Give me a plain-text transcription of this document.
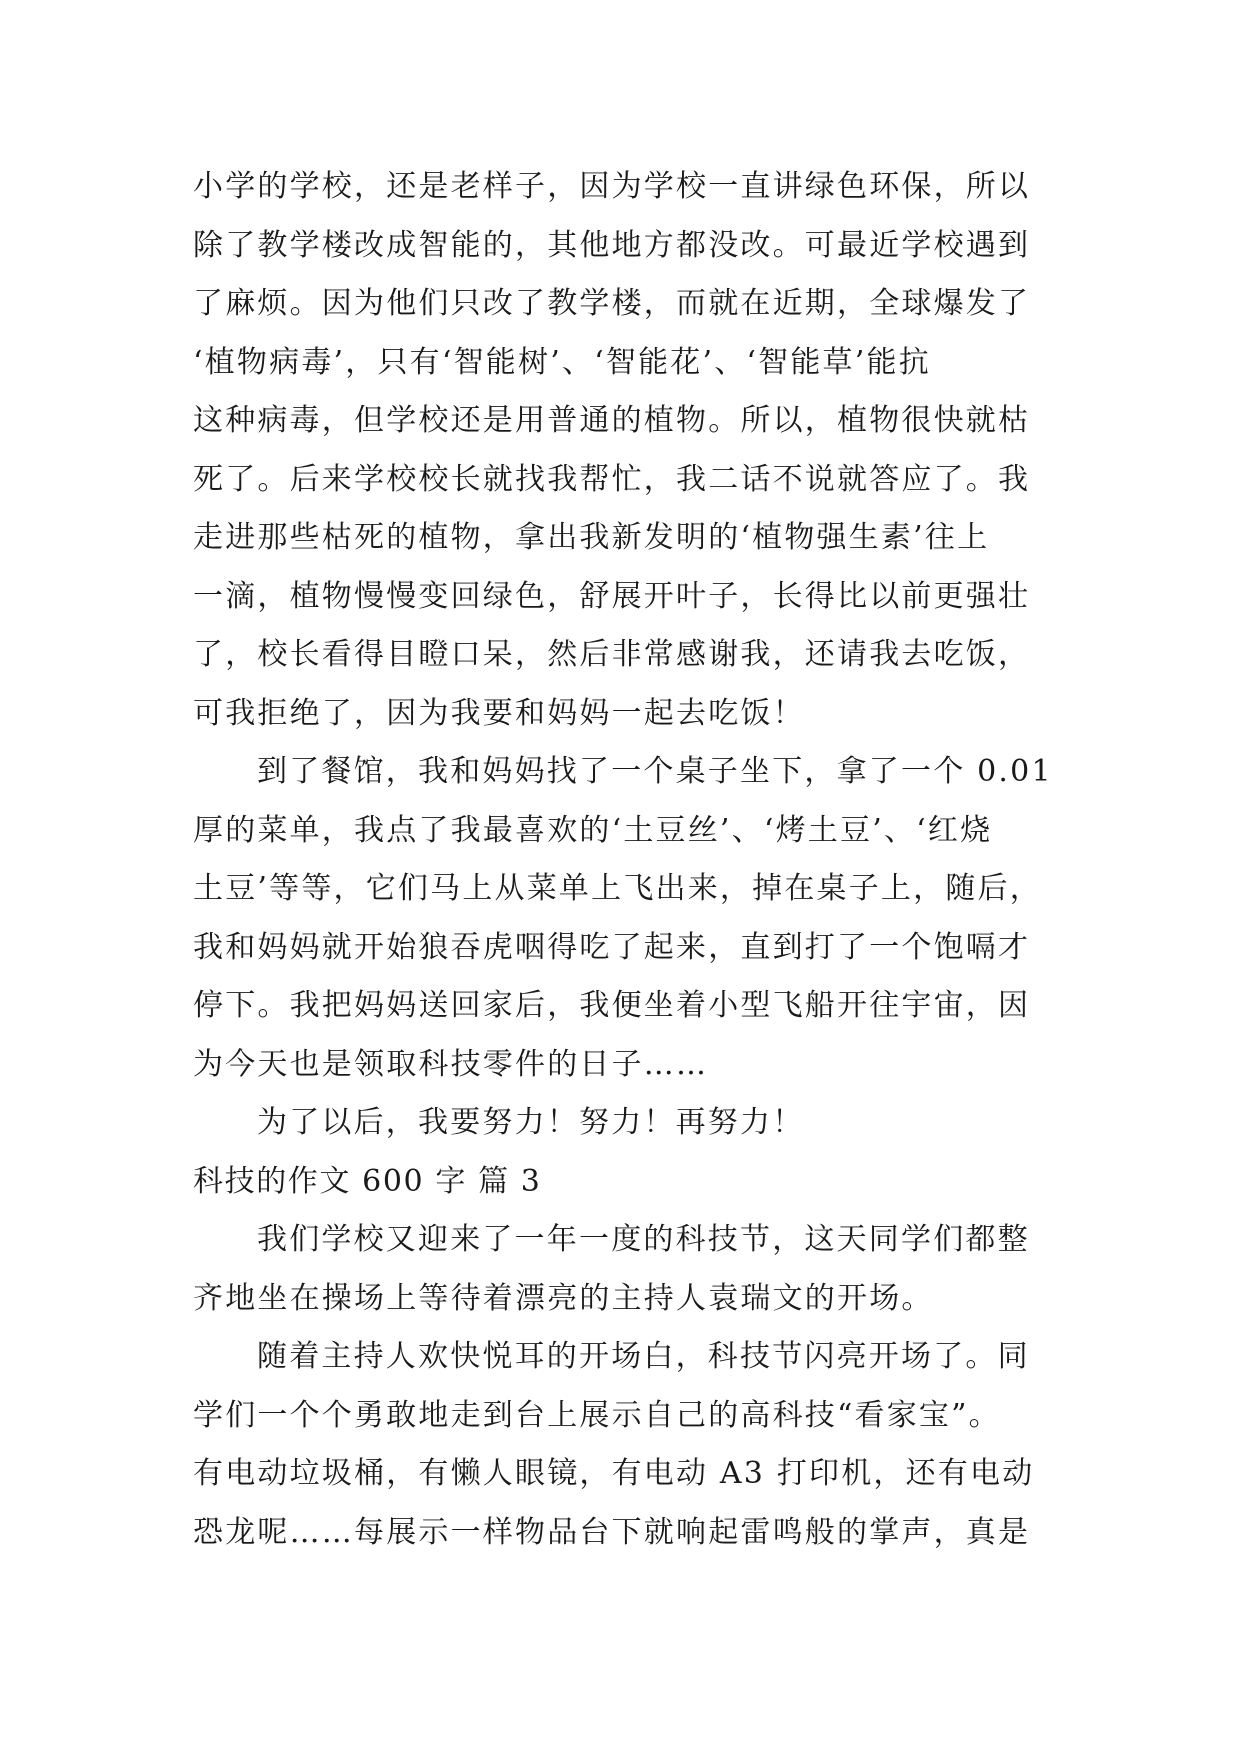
小学的学校，还是老样子，因为学校一直讲绿色环保，所以
除了教学楼改成智能的，其他地方都没改。可最近学校遇到
了麻烦。因为他们只改了教学楼，而就在近期，全球爆发了
‘植物病毒’，只有‘智能树’、‘智能花’、‘智能草’能抗
这种病毒，但学校还是用普通的植物。所以，植物很快就枯
死了。后来学校校长就找我帮忙，我二话不说就答应了。我
走进那些枯死的植物，拿出我新发明的‘植物强生素’往上
一滴，植物慢慢变回绿色，舒展开叶子，长得比以前更强壮
了，校长看得目瞪口呆，然后非常感谢我，还请我去吃饭，
可我拒绝了，因为我要和妈妈一起去吃饭！
到了餐馆，我和妈妈找了一个桌子坐下，拿了一个 0.01
厚的菜单，我点了我最喜欢的‘土豆丝’、‘烤土豆’、‘红烧
土豆’等等，它们马上从菜单上飞出来，掉在桌子上，随后，
我和妈妈就开始狼吞虎咽得吃了起来，直到打了一个饱嗝才
停下。我把妈妈送回家后，我便坐着小型飞船开往宇宙，因
为今天也是领取科技零件的日子……
为了以后，我要努力！努力！再努力！
科技的作文 600 字 篇 3
我们学校又迎来了一年一度的科技节，这天同学们都整
齐地坐在操场上等待着漂亮的主持人袁瑞文的开场。
随着主持人欢快悦耳的开场白，科技节闪亮开场了。同
学们一个个勇敢地走到台上展示自己的高科技“看家宝”。
有电动垃圾桶，有懒人眼镜，有电动 A3 打印机，还有电动
恐龙呢……每展示一样物品台下就响起雷鸣般的掌声，真是
